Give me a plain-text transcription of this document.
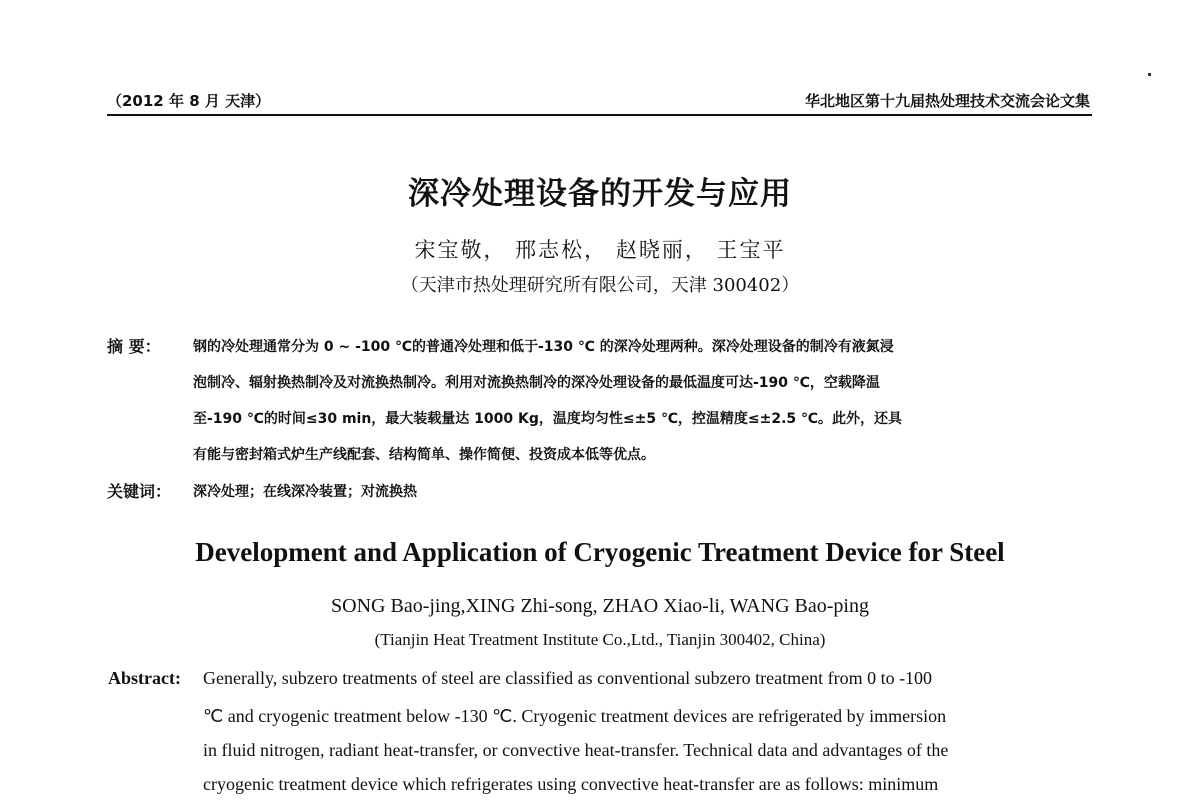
（2012 年 8 月 天津）	华北地区第十九届热处理技术交流会论文集
深冷处理设备的开发与应用
宋宝敬， 邢志松， 赵晓丽， 王宝平
（天津市热处理研究所有限公司，天津 300402）
摘 要： 钢的冷处理通常分为 0 ~ -100 ℃的普通冷处理和低于-130 ℃ 的深冷处理两种。深冷处理设备的制冷有液氮浸
泡制冷、辐射换热制冷及对流换热制冷。利用对流换热制冷的深冷处理设备的最低温度可达-190 ℃，空载降温
至-190 ℃的时间≤30 min，最大装载量达 1000 Kg，温度均匀性≤±5 ℃，控温精度≤±2.5 ℃。此外，还具
有能与密封箱式炉生产线配套、结构简单、操作简便、投资成本低等优点。
关键词： 深冷处理；在线深冷装置；对流换热
Development and Application of Cryogenic Treatment Device for Steel
SONG Bao-jing,XING Zhi-song, ZHAO Xiao-li, WANG Bao-ping
(Tianjin Heat Treatment Institute Co.,Ltd., Tianjin 300402, China)
Abstract: Generally, subzero treatments of steel are classified as conventional subzero treatment from 0 to -100
℃ and cryogenic treatment below -130 ℃. Cryogenic treatment devices are refrigerated by immersion
in fluid nitrogen, radiant heat-transfer, or convective heat-transfer. Technical data and advantages of the
cryogenic treatment device which refrigerates using convective heat-transfer are as follows: minimum
